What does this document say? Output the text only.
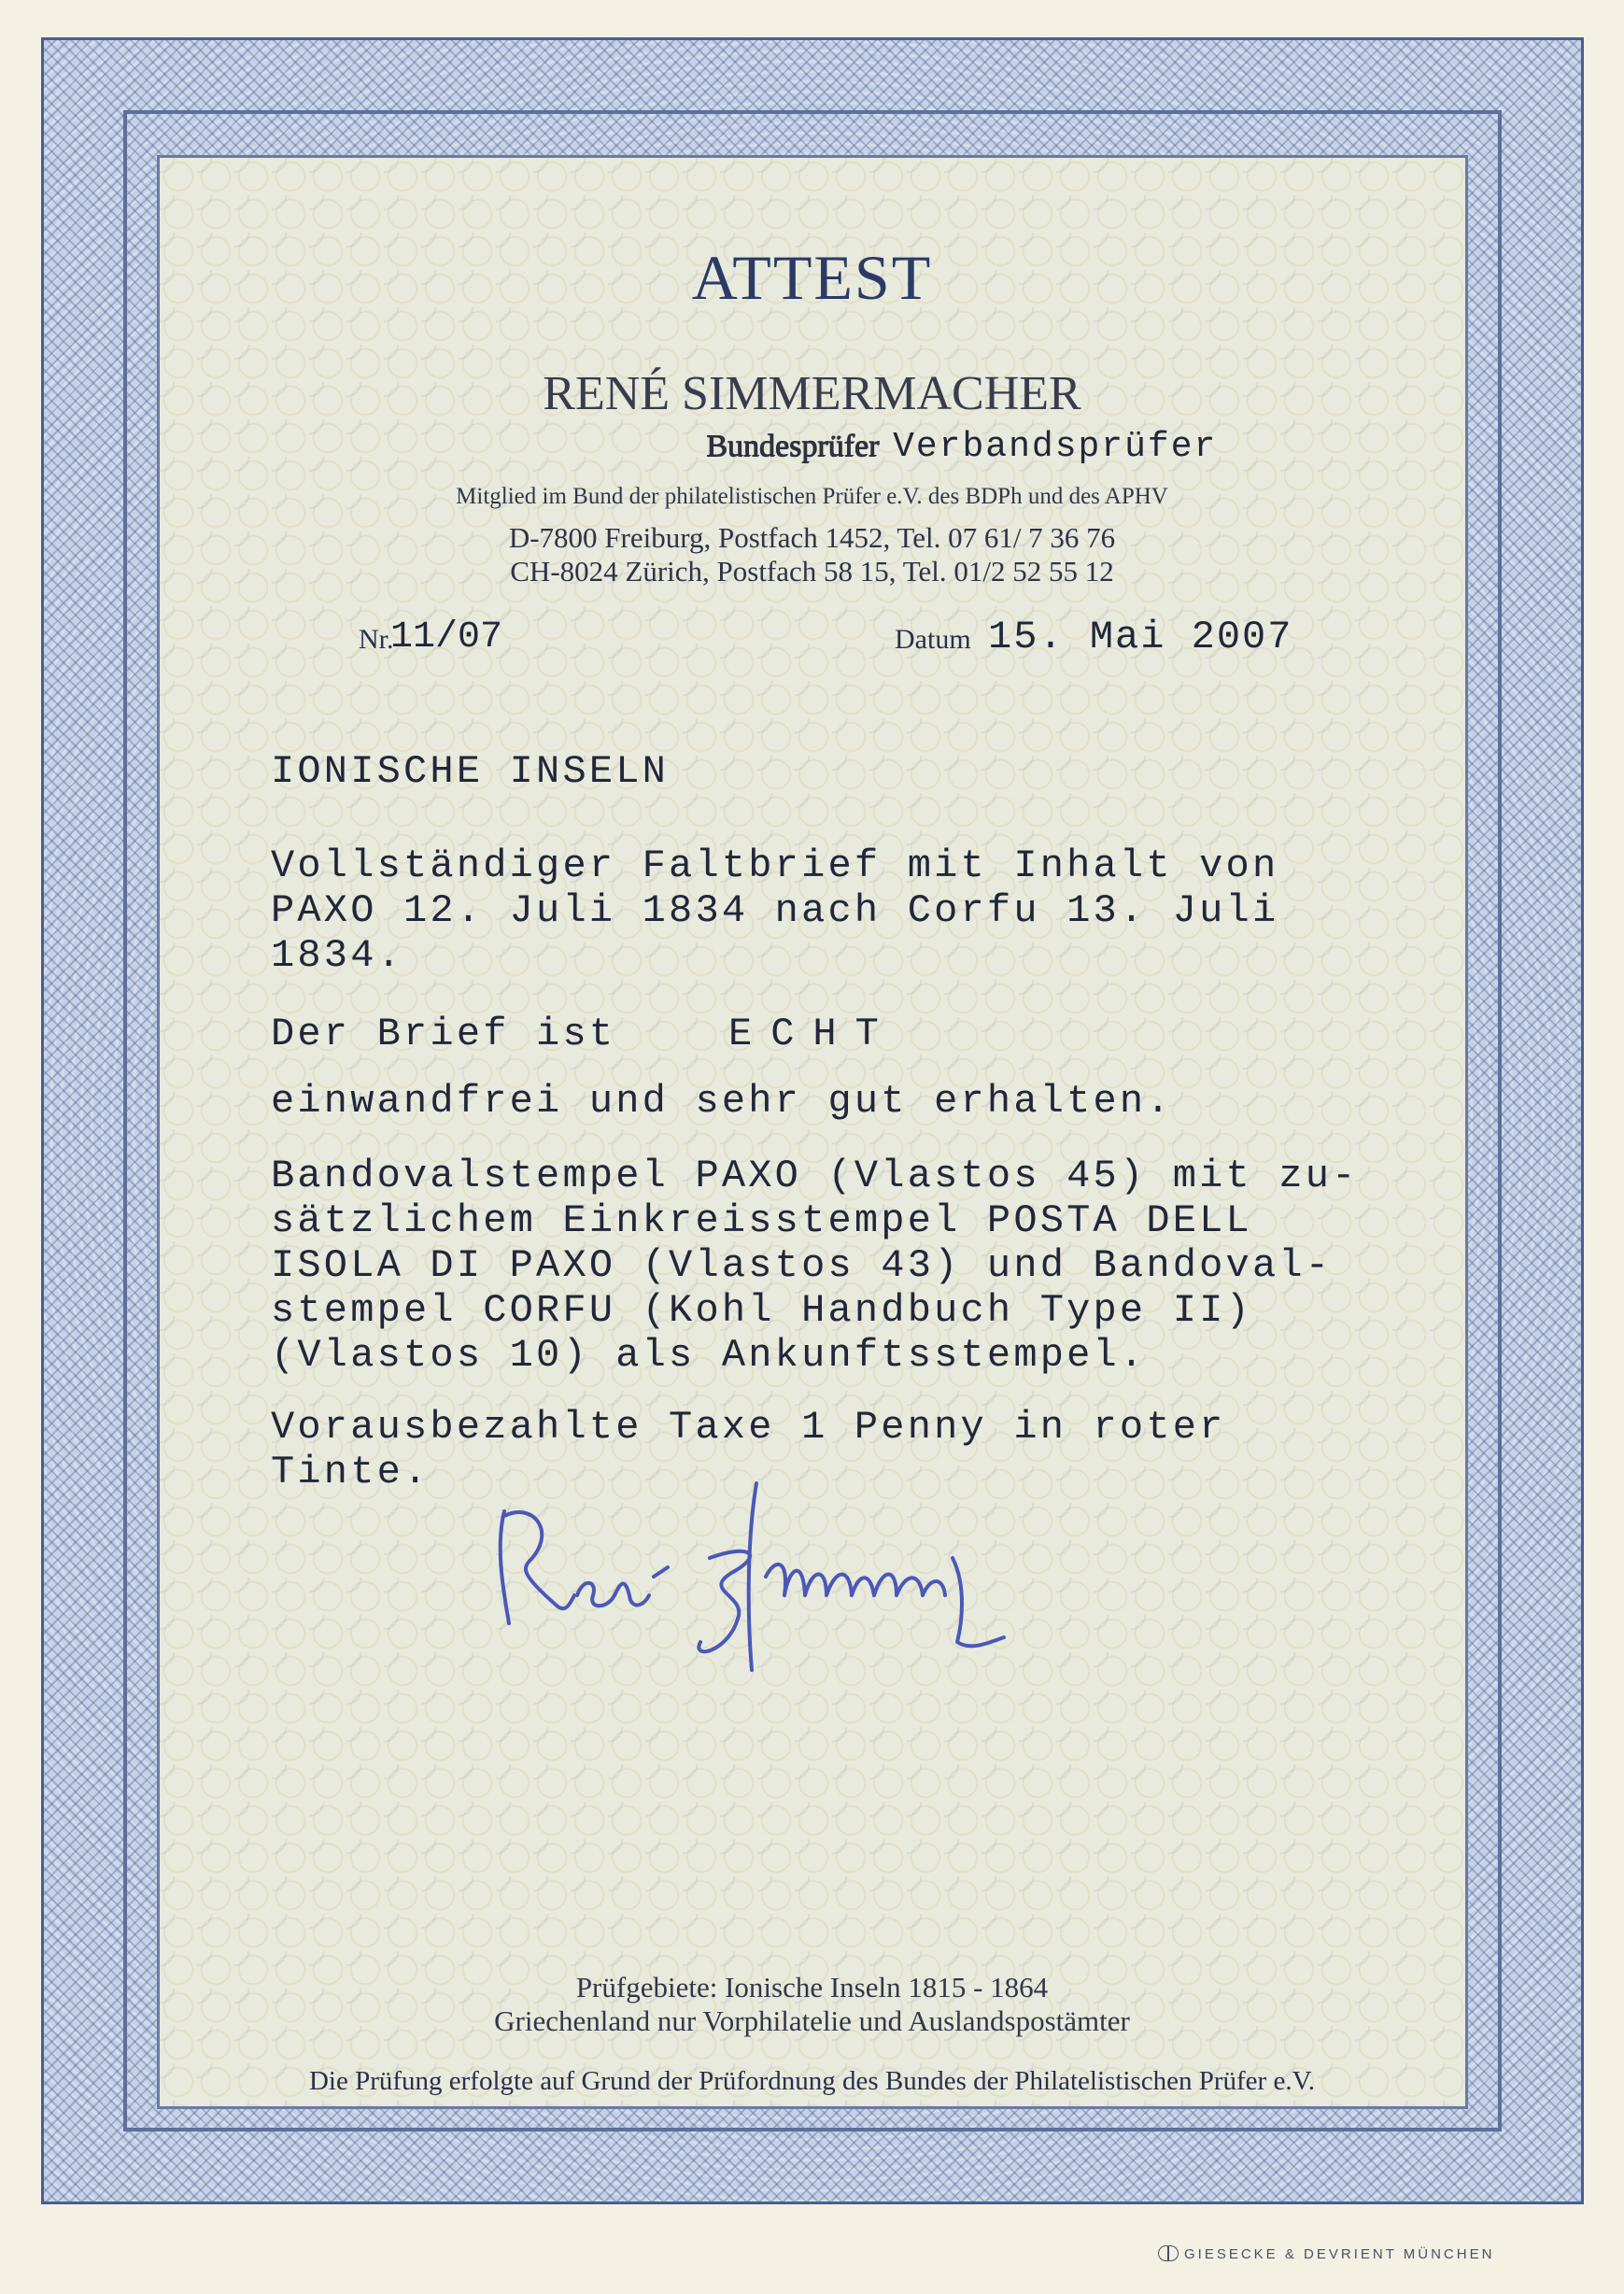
ATTEST
RENÉ SIMMERMACHER
Bundesprüfer Verbandsprüfer
Mitglied im Bund der philatelistischen Prüfer e.V. des BDPh und des APHV
D-7800 Freiburg, Postfach 1452, Tel. 07 61/ 7 36 76
CH-8024 Zürich, Postfach 58 15, Tel. 01/2 52 55 12
Nr.
11/07	Datum 15. Mai 2007
IONISCHE INSELN
Vollständiger Faltbrief mit Inhalt von
PAXO 12. Juli 1834 nach Corfu 13. Juli
1834.
Der Brief ist	ECHT
einwandfrei und sehr gut erhalten.
Bandovalstempel PAXO (Vlastos 45) mit zu-
sätzlichem Einkreisstempel POSTA DELL
ISOLA DI PAXO (Vlastos 43) und Bandoval-
stempel CORFU (Kohl Handbuch Type II)
(Vlastos 10) als Ankunftsstempel.
Vorausbezahlte Taxe 1 Penny in roter
Tinte.
Prüfgebiete: Ionische Inseln 1815 - 1864
Griechenland nur Vorphilatelie und Auslandspostämter
Die Prüfung erfolgte auf Grund der Prüfordnung des Bundes der Philatelistischen Prüfer e.V.
GIESECKE & DEVRIENT MÜNCHEN
